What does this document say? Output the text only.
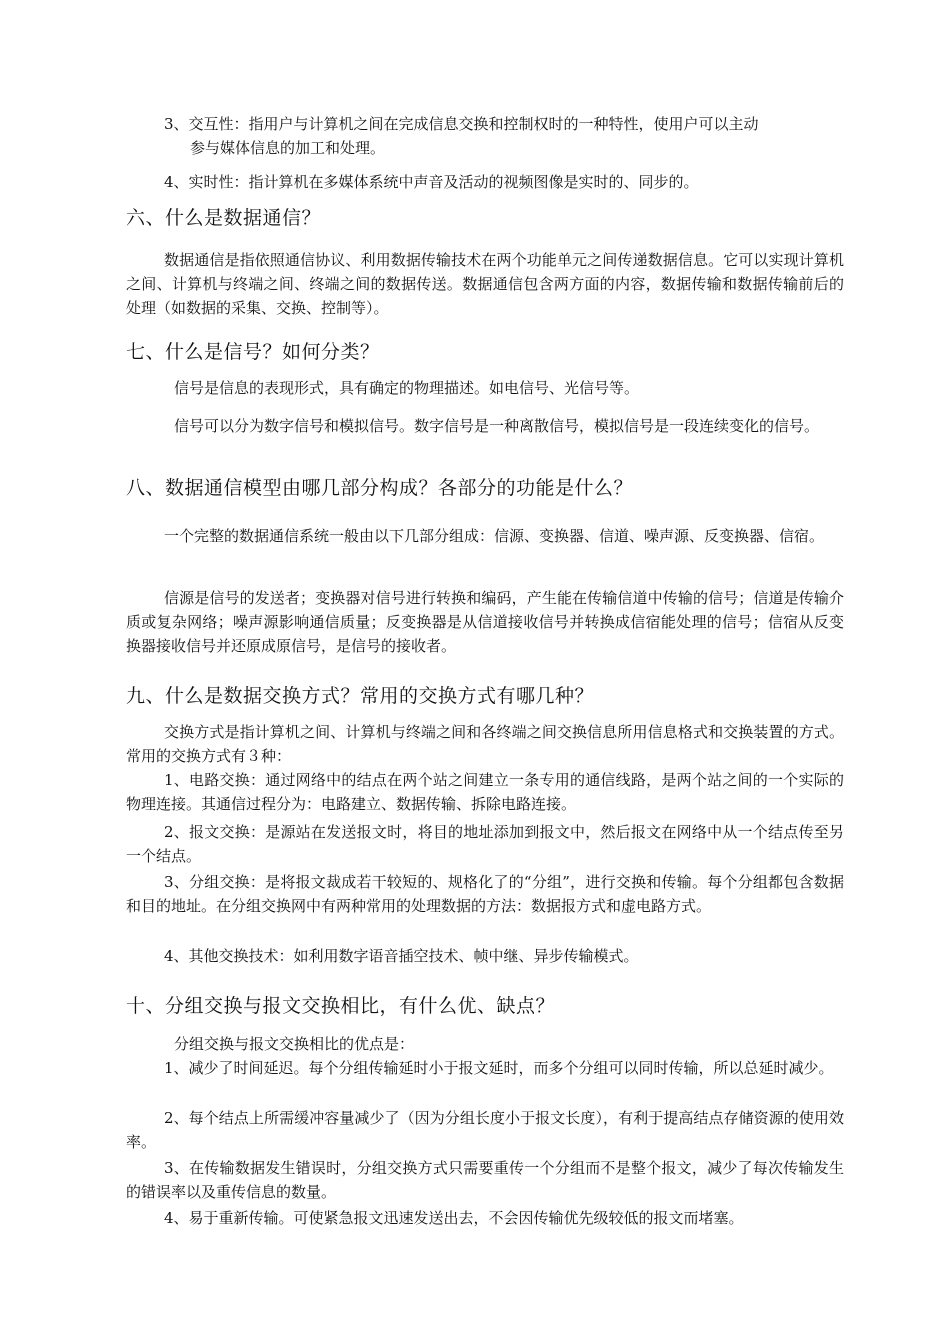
3、交互性：指用户与计算机之间在完成信息交换和控制权时的一种特性，使用户可以主动
参与媒体信息的加工和处理。

4、实时性：指计算机在多媒体系统中声音及活动的视频图像是实时的、同步的。

六、什么是数据通信？

数据通信是指依照通信协议、利用数据传输技术在两个功能单元之间传递数据信息。它可以实现计算机之间、计算机与终端之间、终端之间的数据传送。数据通信包含两方面的内容，数据传输和数据传输前后的处理（如数据的采集、交换、控制等）。

七、什么是信号？如何分类？

信号是信息的表现形式，具有确定的物理描述。如电信号、光信号等。

信号可以分为数字信号和模拟信号。数字信号是一种离散信号，模拟信号是一段连续变化的信号。

八、数据通信模型由哪几部分构成？各部分的功能是什么？

一个完整的数据通信系统一般由以下几部分组成：信源、变换器、信道、噪声源、反变换器、信宿。

信源是信号的发送者；变换器对信号进行转换和编码，产生能在传输信道中传输的信号；信道是传输介质或复杂网络；噪声源影响通信质量；反变换器是从信道接收信号并转换成信宿能处理的信号；信宿从反变换器接收信号并还原成原信号，是信号的接收者。

九、什么是数据交换方式？常用的交换方式有哪几种？

交换方式是指计算机之间、计算机与终端之间和各终端之间交换信息所用信息格式和交换装置的方式。常用的交换方式有３种：

1、电路交换：通过网络中的结点在两个站之间建立一条专用的通信线路，是两个站之间的一个实际的物理连接。其通信过程分为：电路建立、数据传输、拆除电路连接。

2、报文交换：是源站在发送报文时，将目的地址添加到报文中，然后报文在网络中从一个结点传至另一个结点。

3、分组交换：是将报文裁成若干较短的、规格化了的“分组”，进行交换和传输。每个分组都包含数据和目的地址。在分组交换网中有两种常用的处理数据的方法：数据报方式和虚电路方式。

4、其他交换技术：如利用数字语音插空技术、帧中继、异步传输模式。

十、分组交换与报文交换相比，有什么优、缺点？

分组交换与报文交换相比的优点是：

1、减少了时间延迟。每个分组传输延时小于报文延时，而多个分组可以同时传输，所以总延时减少。

2、每个结点上所需缓冲容量减少了（因为分组长度小于报文长度），有利于提高结点存储资源的使用效率。

3、在传输数据发生错误时，分组交换方式只需要重传一个分组而不是整个报文，减少了每次传输发生的错误率以及重传信息的数量。

4、易于重新传输。可使紧急报文迅速发送出去，不会因传输优先级较低的报文而堵塞。
